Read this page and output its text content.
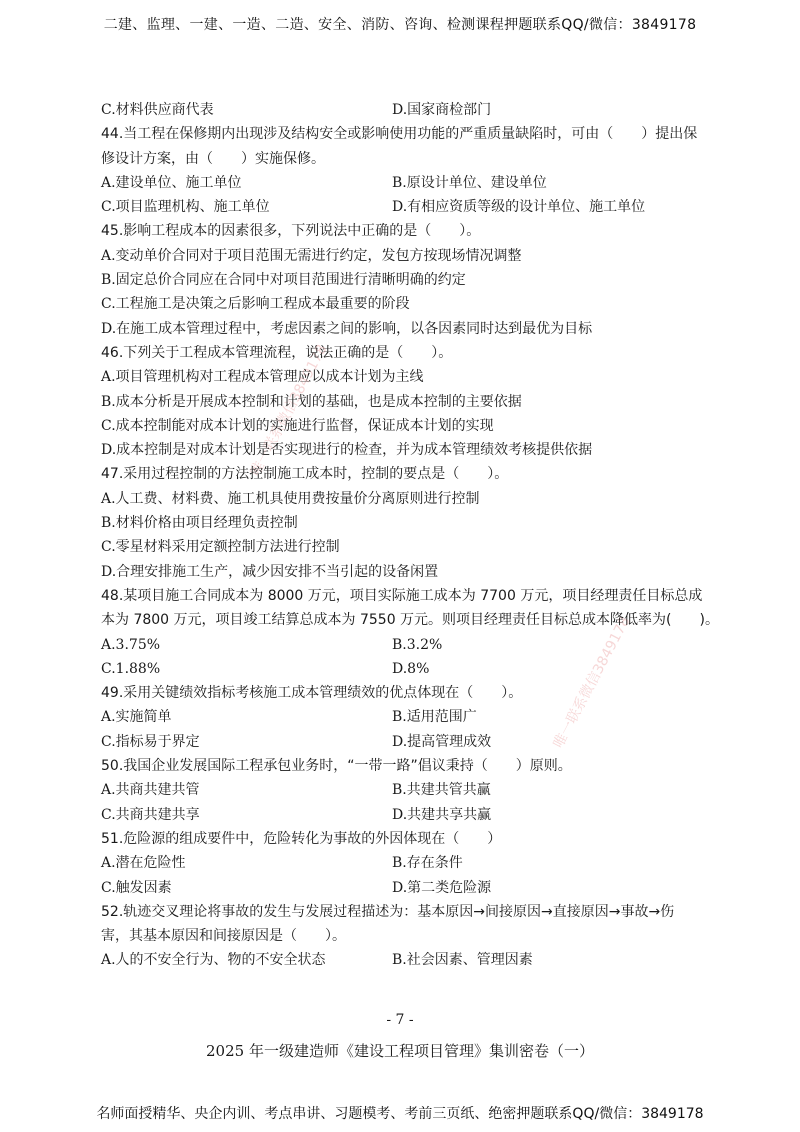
二建、监理、一建、一造、二造、安全、消防、咨询、检测课程押题联系QQ/微信：3849178
唯一联系微信3849178
唯一联系微信3849178
C.材料供应商代表	D.国家商检部门
44.当工程在保修期内出现涉及结构安全或影响使用功能的严重质量缺陷时，可由（　　）提出保修设计方案，由（　　）实施保修。
A.建设单位、施工单位	B.原设计单位、建设单位
C.项目监理机构、施工单位	D.有相应资质等级的设计单位、施工单位
45.影响工程成本的因素很多，下列说法中正确的是（　　）。
A.变动单价合同对于项目范围无需进行约定，发包方按现场情况调整
B.固定总价合同应在合同中对项目范围进行清晰明确的约定
C.工程施工是决策之后影响工程成本最重要的阶段
D.在施工成本管理过程中，考虑因素之间的影响，以各因素同时达到最优为目标
46.下列关于工程成本管理流程，说法正确的是（　　）。
A.项目管理机构对工程成本管理应以成本计划为主线
B.成本分析是开展成本控制和计划的基础，也是成本控制的主要依据
C.成本控制能对成本计划的实施进行监督，保证成本计划的实现
D.成本控制是对成本计划是否实现进行的检查，并为成本管理绩效考核提供依据
47.采用过程控制的方法控制施工成本时，控制的要点是（　　）。
A.人工费、材料费、施工机具使用费按量价分离原则进行控制
B.材料价格由项目经理负责控制
C.零星材料采用定额控制方法进行控制
D.合理安排施工生产，减少因安排不当引起的设备闲置
48.某项目施工合同成本为 8000 万元，项目实际施工成本为 7700 万元，项目经理责任目标总成
本为 7800 万元，项目竣工结算总成本为 7550 万元。则项目经理责任目标总成本降低率为(　　)。
A.3.75%	B.3.2%
C.1.88%	D.8%
49.采用关键绩效指标考核施工成本管理绩效的优点体现在（　　）。
A.实施简单	B.适用范围广
C.指标易于界定	D.提高管理成效
50.我国企业发展国际工程承包业务时，“一带一路”倡议秉持（　　）原则。
A.共商共建共管	B.共建共管共赢
C.共商共建共享	D.共建共享共赢
51.危险源的组成要件中，危险转化为事故的外因体现在（　　）
A.潜在危险性	B.存在条件
C.触发因素	D.第二类危险源
52.轨迹交叉理论将事故的发生与发展过程描述为：基本原因→间接原因→直接原因→事故→伤
害，其基本原因和间接原因是（　　）。
A.人的不安全行为、物的不安全状态	B.社会因素、管理因素
- 7 -
2025 年一级建造师《建设工程项目管理》集训密卷（一）
名师面授精华、央企内训、考点串讲、习题模考、考前三页纸、绝密押题联系QQ/微信：3849178
